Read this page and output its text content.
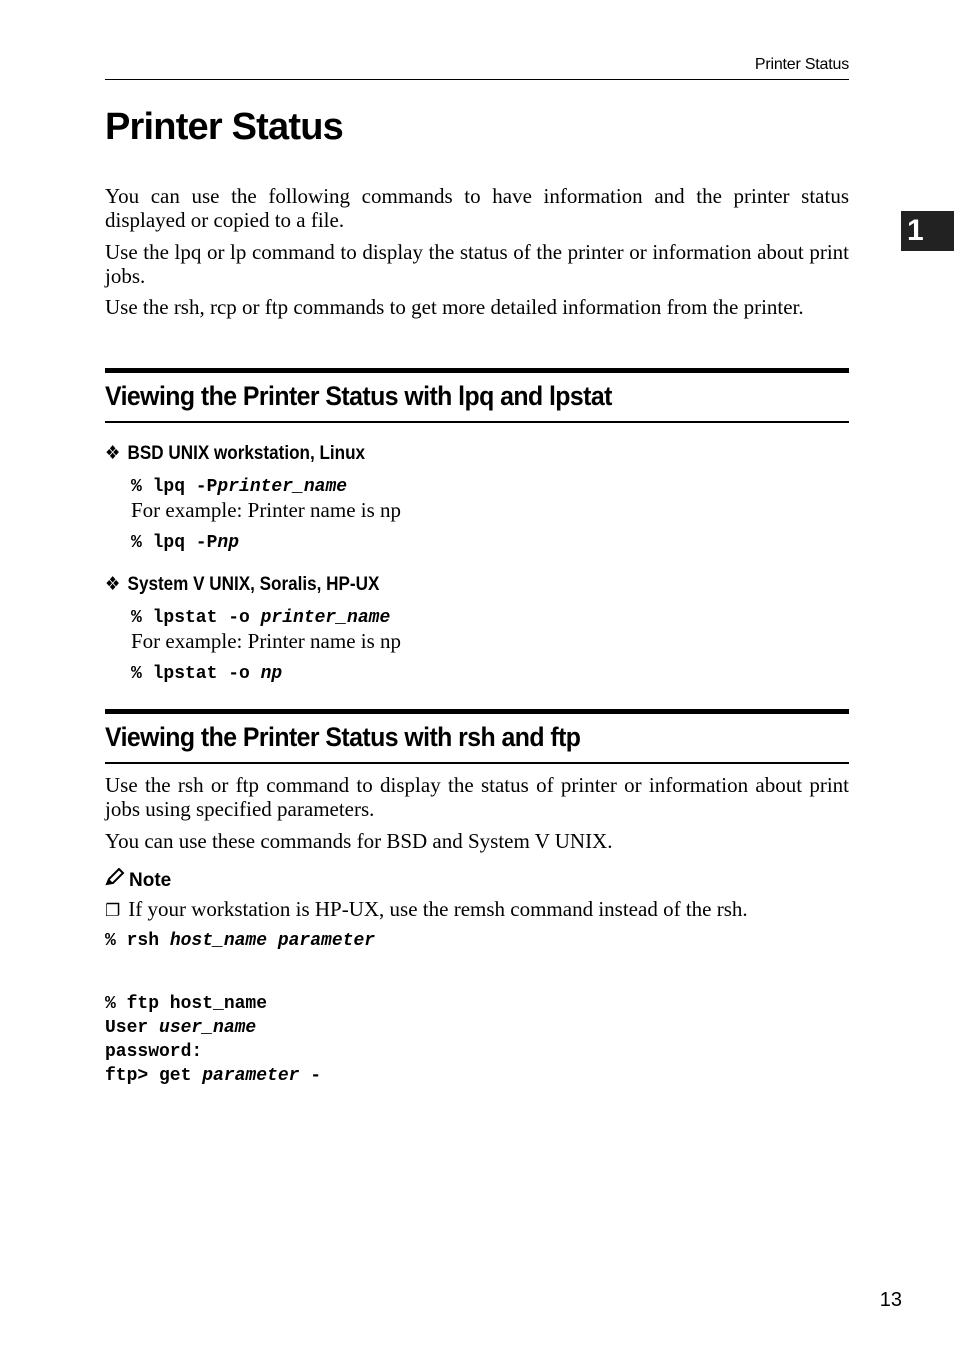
Printer Status
1
Printer Status

You can use the following commands to have information and the printer status displayed or copied to a file.

Use the lpq or lp command to display the status of the printer or information about print jobs.

Use the rsh, rcp or ftp commands to get more detailed information from the printer.

Viewing the Printer Status with lpq and lpstat
❖ BSD UNIX workstation, Linux
% lpq -Pprinter_name
For example: Printer name is np
% lpq -Pnp
❖ System V UNIX, Soralis, HP-UX
% lpstat -o printer_name
For example: Printer name is np
% lpstat -o np
Viewing the Printer Status with rsh and ftp

Use the rsh or ftp command to display the status of printer or information about print jobs using specified parameters.

You can use these commands for BSD and System V UNIX.

Note
❐ If your workstation is HP-UX, use the remsh command instead of the rsh.
% rsh host_name parameter
% ftp host_name
User user_name
password:
ftp> get parameter -
13
